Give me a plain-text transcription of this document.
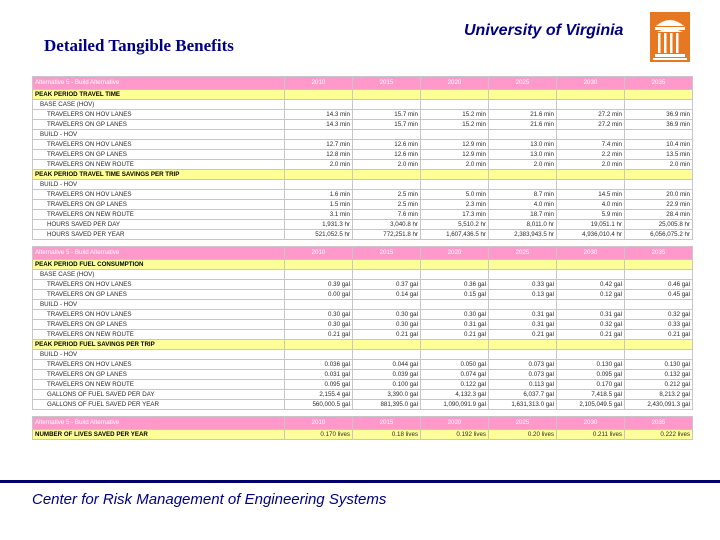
Detailed Tangible Benefits
University of Virginia
Alternative 5 - Build Alternative	2010	2015	2020	2025	2030	2035
PEAK PERIOD TRAVEL TIME						
BASE CASE (HOV)						
TRAVELERS ON HOV LANES	14.3 min	15.7 min	15.2 min	21.6 min	27.2 min	36.9 min
TRAVELERS ON GP LANES	14.3 min	15.7 min	15.2 min	21.6 min	27.2 min	36.9 min
BUILD - HOV						
TRAVELERS ON HOV LANES	12.7 min	12.6 min	12.9 min	13.0 min	7.4 min	10.4 min
TRAVELERS ON GP LANES	12.8 min	12.6 min	12.9 min	13.0 min	2.2 min	13.5 min
TRAVELERS ON NEW ROUTE	2.0 min	2.0 min	2.0 min	2.0 min	2.0 min	2.0 min
PEAK PERIOD TRAVEL TIME SAVINGS PER TRIP						
BUILD - HOV						
TRAVELERS ON HOV LANES	1.6 min	2.5 min	5.0 min	8.7 min	14.5 min	20.0 min
TRAVELERS ON GP LANES	1.5 min	2.5 min	2.3 min	4.0 min	4.0 min	22.9 min
TRAVELERS ON NEW ROUTE	3.1 min	7.6 min	17.3 min	18.7 min	5.9 min	28.4 min
HOURS SAVED PER DAY	1,931.3 hr	3,040.8 hr	5,510.2 hr	8,011.0 hr	19,051.1 hr	25,005.8 hr
HOURS SAVED PER YEAR	521,052.5 hr	772,251.8 hr	1,607,436.5 hr	2,383,943.5 hr	4,936,010.4 hr	6,056,075.2 hr

Alternative 5 - Build Alternative	2010	2015	2020	2025	2030	2035
PEAK PERIOD FUEL CONSUMPTION						
BASE CASE (HOV)						
TRAVELERS ON HOV LANES	0.39 gal	0.37 gal	0.36 gal	0.33 gal	0.42 gal	0.46 gal
TRAVELERS ON GP LANES	0.00 gal	0.14 gal	0.15 gal	0.13 gal	0.12 gal	0.45 gal
BUILD - HOV						
TRAVELERS ON HOV LANES	0.30 gal	0.30 gal	0.30 gal	0.31 gal	0.31 gal	0.32 gal
TRAVELERS ON GP LANES	0.30 gal	0.30 gal	0.31 gal	0.31 gal	0.32 gal	0.33 gal
TRAVELERS ON NEW ROUTE	0.21 gal	0.21 gal	0.21 gal	0.21 gal	0.21 gal	0.21 gal
PEAK PERIOD FUEL SAVINGS PER TRIP						
BUILD - HOV						
TRAVELERS ON HOV LANES	0.036 gal	0.044 gal	0.050 gal	0.073 gal	0.130 gal	0.130 gal
TRAVELERS ON GP LANES	0.031 gal	0.039 gal	0.074 gal	0.073 gal	0.095 gal	0.132 gal
TRAVELERS ON NEW ROUTE	0.095 gal	0.100 gal	0.122 gal	0.113 gal	0.170 gal	0.212 gal
GALLONS OF FUEL SAVED PER DAY	2,155.4 gal	3,390.0 gal	4,132.3 gal	6,037.7 gal	7,418.5 gal	8,213.2 gal
GALLONS OF FUEL SAVED PER YEAR	560,000.5 gal	881,395.0 gal	1,090,091.9 gal	1,631,313.0 gal	2,105,049.5 gal	2,430,091.3 gal

Alternative 5 - Build Alternative	2010	2015	2020	2025	2030	2035
NUMBER OF LIVES SAVED PER YEAR	0.170 lives	0.18 lives	0.192 lives	0.20 lives	0.211 lives	0.222 lives
Center for Risk Management of Engineering Systems
